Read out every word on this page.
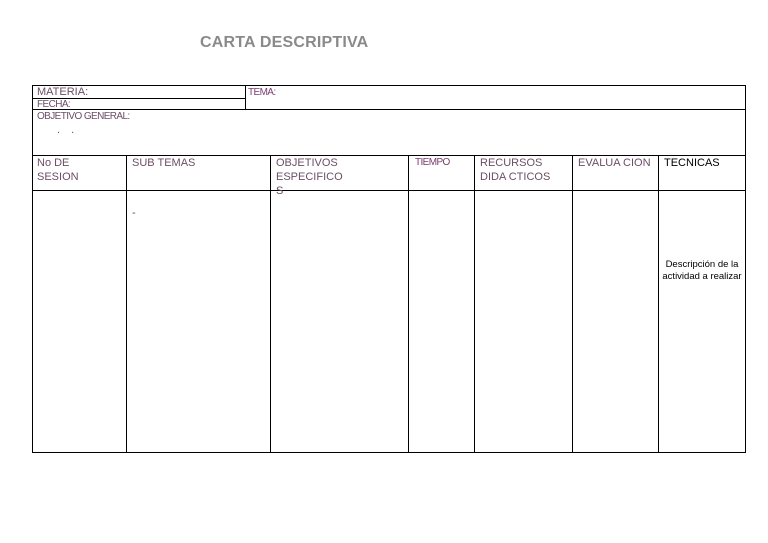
CARTA DESCRIPTIVA
MATERIA:
FECHA:
TEMA:
OBJETIVO GENERAL:
. .
No DE SESION
SUB TEMAS	OBJETIVOS ESPECIFICO S
TIEMPO	RECURSOS DIDA CTICOS
EVALUA CION TECNICAS
-
Descripción de la actividad a realizar
